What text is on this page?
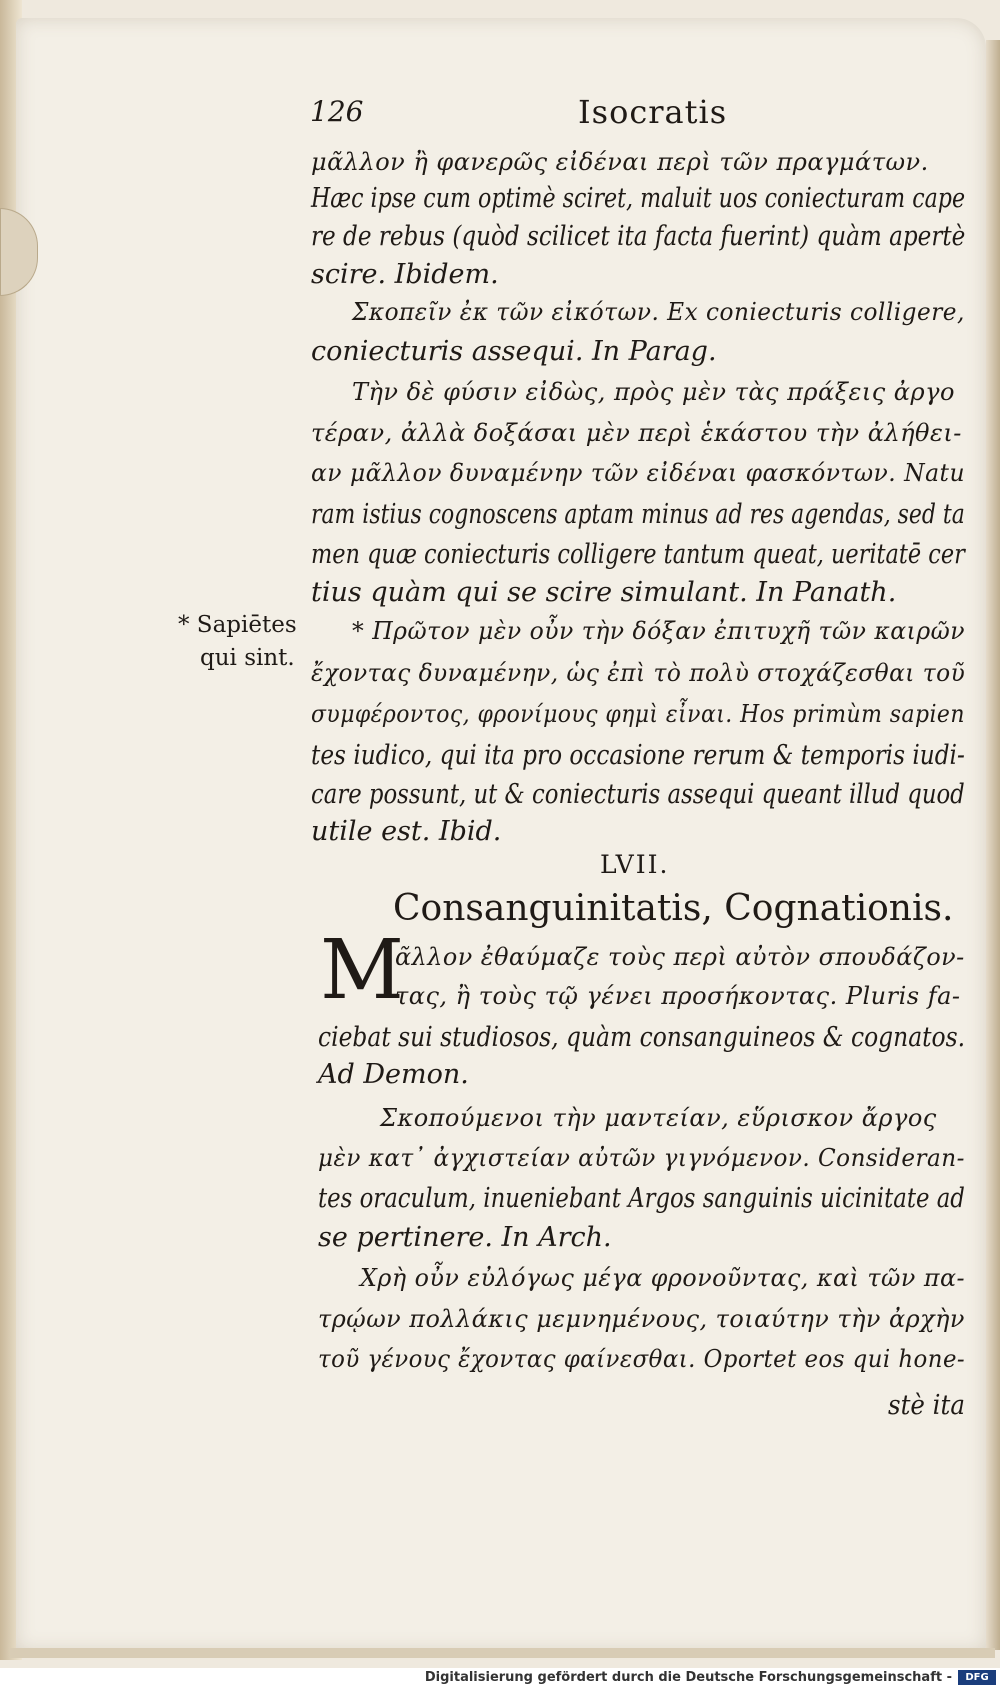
126	Isocratis
μᾶλλον ἢ φανερῶς εἰδέναι περὶ τῶν πραγμάτων.
Hæc ipse cum optimè sciret, maluit uos coniecturam cape
re de rebus (quòd scilicet ita facta fuerint) quàm apertè
scire. Ibidem.
Σκοπεῖν ἐκ τῶν εἰκότων. Ex coniecturis colligere,
coniecturis assequi. In Parag.
Τὴν δὲ φύσιν εἰδὼς, πρὸς μὲν τὰς πράξεις ἀργο
τέραν, ἀλλὰ δοξάσαι μὲν περὶ ἑκάστου τὴν ἀλήθει-
αν μᾶλλον δυναμένην τῶν εἰδέναι φασκόντων. Natu
ram istius cognoscens aptam minus ad res agendas, sed ta
men quæ coniecturis colligere tantum queat, ueritatē cer
tius quàm qui se scire simulant. In Panath.
* Sapiētes
qui sint.
* Πρῶτον μὲν οὖν τὴν δόξαν ἐπιτυχῆ τῶν καιρῶν
ἔχοντας δυναμένην, ὡς ἐπὶ τὸ πολὺ στοχάζεσθαι τοῦ
συμφέροντος, φρονίμους φημὶ εἶναι. Hos primùm sapien
tes iudico, qui ita pro occasione rerum & temporis iudi-
care possunt, ut & coniecturis assequi queant illud quod
utile est. Ibid.
LVII.
Consanguinitatis, Cognationis.
M
ᾶλλον ἐθαύμαζε τοὺς περὶ αὐτὸν σπουδάζον-
τας, ἢ τοὺς τῷ γένει προσήκοντας. Pluris fa-
ciebat sui studiosos, quàm consanguineos & cognatos.
Ad Demon.
Σκοπούμενοι τὴν μαντείαν, εὕρισκον ἄργος
μὲν κατ᾽ ἀγχιστείαν αὐτῶν γιγνόμενον. Consideran-
tes oraculum, inueniebant Argos sanguinis uicinitate ad
se pertinere. In Arch.
Χρὴ οὖν εὐλόγως μέγα φρονοῦντας, καὶ τῶν πα-
τρῴων πολλάκις μεμνημένους, τοιαύτην τὴν ἀρχὴν
τοῦ γένους ἔχοντας φαίνεσθαι. Oportet eos qui hone-
stè ita
Digitalisierung gefördert durch die Deutsche Forschungsgemeinschaft -	DFG
